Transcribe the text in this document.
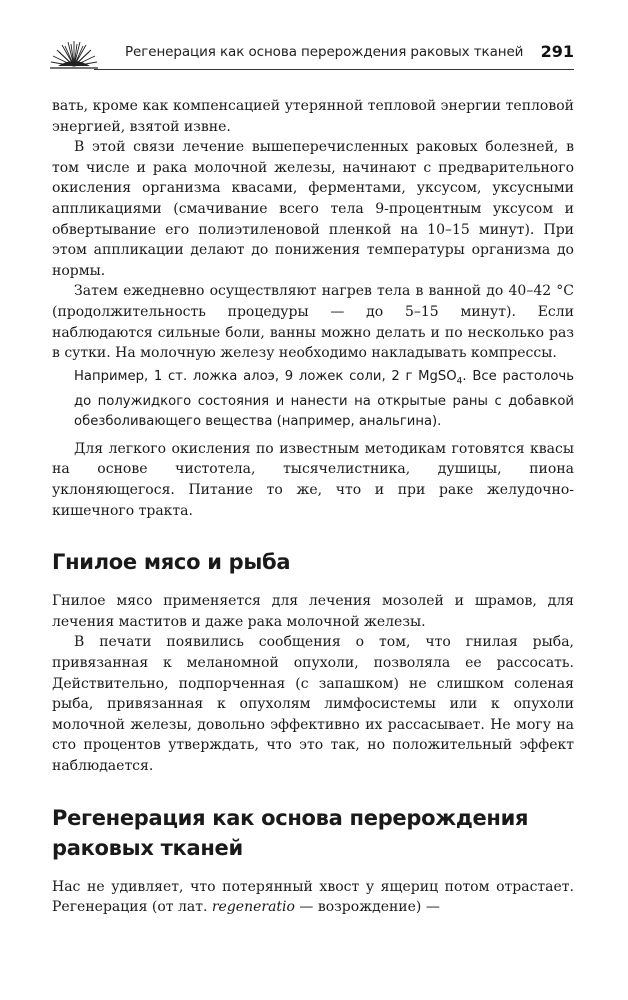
Регенерация как основа перерождения раковых тканей 291

вать, кроме как компенсацией утерянной тепловой энергии тепловой энергией, взятой извне.

В этой связи лечение вышеперечисленных раковых болезней, в том числе и рака молочной железы, начинают с предварительного окисления организма квасами, ферментами, уксусом, уксусными аппликациями (смачивание всего тела 9-процентным уксусом и обвертывание его полиэтиленовой пленкой на 10–15 минут). При этом аппликации делают до понижения температуры организма до нормы.

Затем ежедневно осуществляют нагрев тела в ванной до 40–42 °C (продолжительность процедуры — до 5–15 минут). Если наблюдаются сильные боли, ванны можно делать и по несколько раз в сутки. На молочную железу необходимо накладывать компрессы.

Например, 1 ст. ложка алоэ, 9 ложек соли, 2 г MgSO$_4$. Все растолочь до полужидкого состояния и нанести на открытые раны с добавкой обезболивающего вещества (например, анальгина).

Для легкого окисления по известным методикам готовятся квасы на основе чистотела, тысячелистника, душицы, пиона уклоняющегося. Питание то же, что и при раке желудочно-кишечного тракта.

Гнилое мясо и рыба

Гнилое мясо применяется для лечения мозолей и шрамов, для лечения маститов и даже рака молочной железы.

В печати появились сообщения о том, что гнилая рыба, привязанная к меланомной опухоли, позволяла ее рассосать. Действительно, подпорченная (с запашком) не слишком соленая рыба, привязанная к опухолям лимфосистемы или к опухоли молочной железы, довольно эффективно их рассасывает. Не могу на сто процентов утверждать, что это так, но положительный эффект наблюдается.

Регенерация как основа перерождения раковых тканей

Нас не удивляет, что потерянный хвост у ящериц потом отрастает. Регенерация (от лат. regeneratio — возрождение) —
